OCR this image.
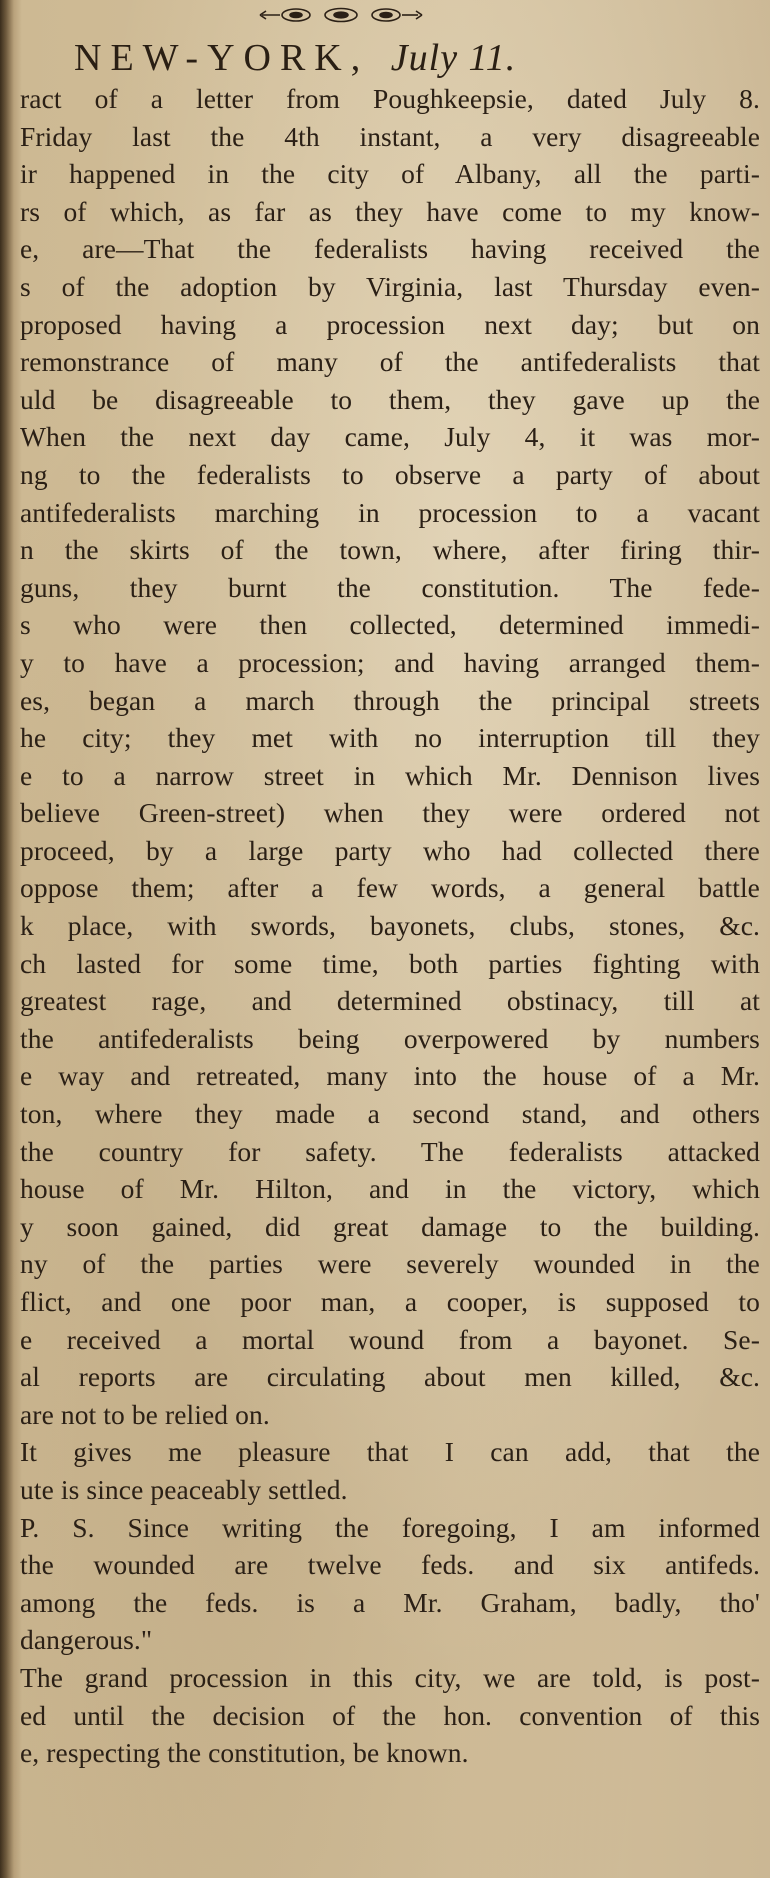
NEW-YORK, July 11.
ract of a letter from Poughkeepsie, dated July 8.
Friday last the 4th instant, a very disagreeable
ir happened in the city of Albany, all the parti-
rs of which, as far as they have come to my know-
e, are—That the federalists having received the
s of the adoption by Virginia, last Thursday even-
proposed having a procession next day; but on
remonstrance of many of the antifederalists that
uld be disagreeable to them, they gave up the
When the next day came, July 4, it was mor-
ng to the federalists to observe a party of about
antifederalists marching in procession to a vacant
n the skirts of the town, where, after firing thir-
guns, they burnt the constitution. The fede-
s who were then collected, determined immedi-
y to have a procession; and having arranged them-
es, began a march through the principal streets
he city; they met with no interruption till they
e to a narrow street in which Mr. Dennison lives
believe Green-street) when they were ordered not
proceed, by a large party who had collected there
oppose them; after a few words, a general battle
k place, with swords, bayonets, clubs, stones, &c.
ch lasted for some time, both parties fighting with
greatest rage, and determined obstinacy, till at
the antifederalists being overpowered by numbers
e way and retreated, many into the house of a Mr.
ton, where they made a second stand, and others
the country for safety. The federalists attacked
house of Mr. Hilton, and in the victory, which
y soon gained, did great damage to the building.
ny of the parties were severely wounded in the
flict, and one poor man, a cooper, is supposed to
e received a mortal wound from a bayonet. Se-
al reports are circulating about men killed, &c.
are not to be relied on.
It gives me pleasure that I can add, that the
ute is since peaceably settled.
P. S. Since writing the foregoing, I am informed
the wounded are twelve feds. and six antifeds.
among the feds. is a Mr. Graham, badly, tho'
dangerous."
The grand procession in this city, we are told, is post-
ed until the decision of the hon. convention of this
e, respecting the constitution, be known.
